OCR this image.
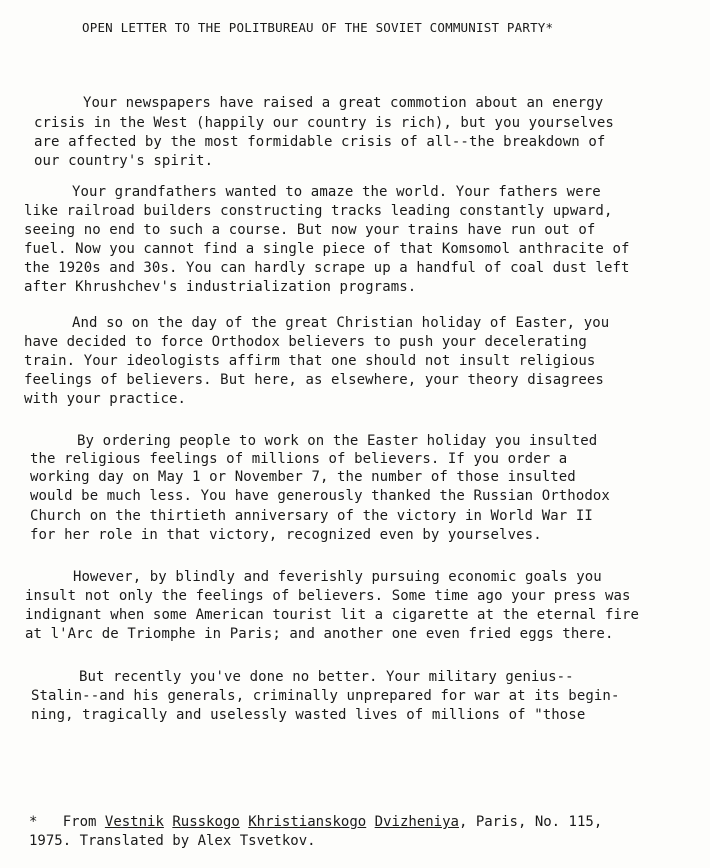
OPEN LETTER TO THE POLITBUREAU OF THE SOVIET COMMUNIST PARTY*
Your newspapers have raised a great commotion about an energy
crisis in the West (happily our country is rich), but you yourselves
are affected by the most formidable crisis of all--the breakdown of
our country's spirit.
Your grandfathers wanted to amaze the world. Your fathers were
like railroad builders constructing tracks leading constantly upward,
seeing no end to such a course. But now your trains have run out of
fuel. Now you cannot find a single piece of that Komsomol anthracite of
the 1920s and 30s. You can hardly scrape up a handful of coal dust left
after Khrushchev's industrialization programs.
And so on the day of the great Christian holiday of Easter, you
have decided to force Orthodox believers to push your decelerating
train. Your ideologists affirm that one should not insult religious
feelings of believers. But here, as elsewhere, your theory disagrees
with your practice.
By ordering people to work on the Easter holiday you insulted
the religious feelings of millions of believers. If you order a
working day on May 1 or November 7, the number of those insulted
would be much less. You have generously thanked the Russian Orthodox
Church on the thirtieth anniversary of the victory in World War II
for her role in that victory, recognized even by yourselves.
However, by blindly and feverishly pursuing economic goals you
insult not only the feelings of believers. Some time ago your press was
indignant when some American tourist lit a cigarette at the eternal fire
at l'Arc de Triomphe in Paris; and another one even fried eggs there.
But recently you've done no better. Your military genius--
Stalin--and his generals, criminally unprepared for war at its begin-
ning, tragically and uselessly wasted lives of millions of "those
* From Vestnik Russkogo Khristianskogo Dvizheniya, Paris, No. 115,
1975. Translated by Alex Tsvetkov.
